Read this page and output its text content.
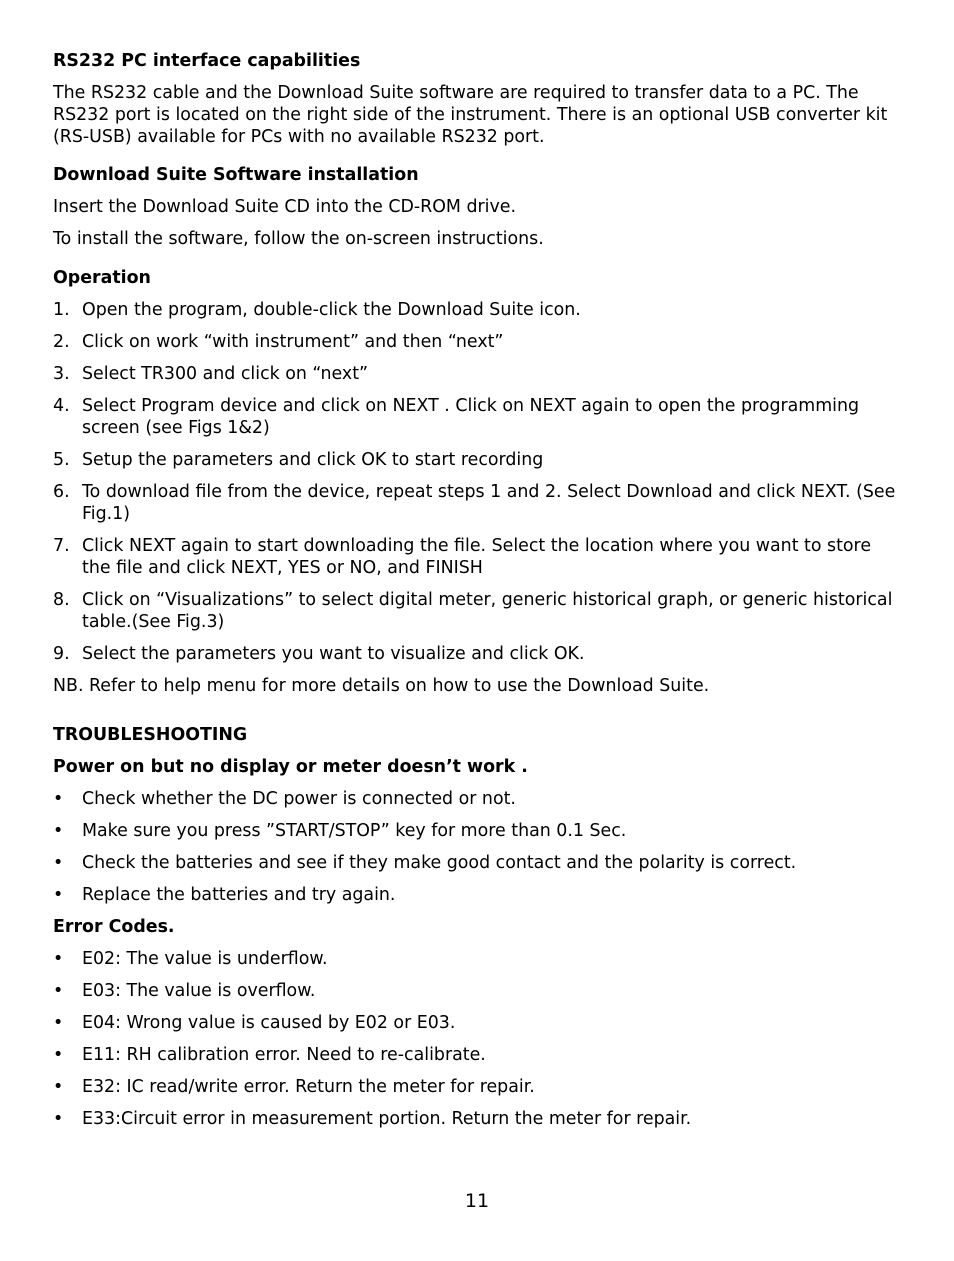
RS232 PC interface capabilities

The RS232 cable and the Download Suite software are required to transfer data to a PC. The RS232 port is located on the right side of the instrument. There is an optional USB converter kit (RS-USB) available for PCs with no available RS232 port.

Download Suite Software installation

Insert the Download Suite CD into the CD-ROM drive.

To install the software, follow the on-screen instructions.

Operation
1. Open the program, double-click the Download Suite icon.
2. Click on work “with instrument” and then “next”
3. Select TR300 and click on “next”
4. Select Program device and click on NEXT . Click on NEXT again to open the programming screen (see Figs 1&2)
5. Setup the parameters and click OK to start recording
6. To download file from the device, repeat steps 1 and 2. Select Download and click NEXT. (See Fig.1)
7. Click NEXT again to start downloading the file. Select the location where you want to store the file and click NEXT, YES or NO, and FINISH
8. Click on “Visualizations” to select digital meter, generic historical graph, or generic historical table.(See Fig.3)
9. Select the parameters you want to visualize and click OK.

NB. Refer to help menu for more details on how to use the Download Suite.

TROUBLESHOOTING
Power on but no display or meter doesn’t work .
•	Check whether the DC power is connected or not.
•	Make sure you press ”START/STOP” key for more than 0.1 Sec.
•	Check the batteries and see if they make good contact and the polarity is correct.
•	Replace the batteries and try again.
Error Codes.
•	E02: The value is underflow.
•	E03: The value is overflow.
•	E04: Wrong value is caused by E02 or E03.
•	E11: RH calibration error. Need to re-calibrate.
•	E32: IC read/write error. Return the meter for repair.
•	E33:Circuit error in measurement portion. Return the meter for repair.
11
